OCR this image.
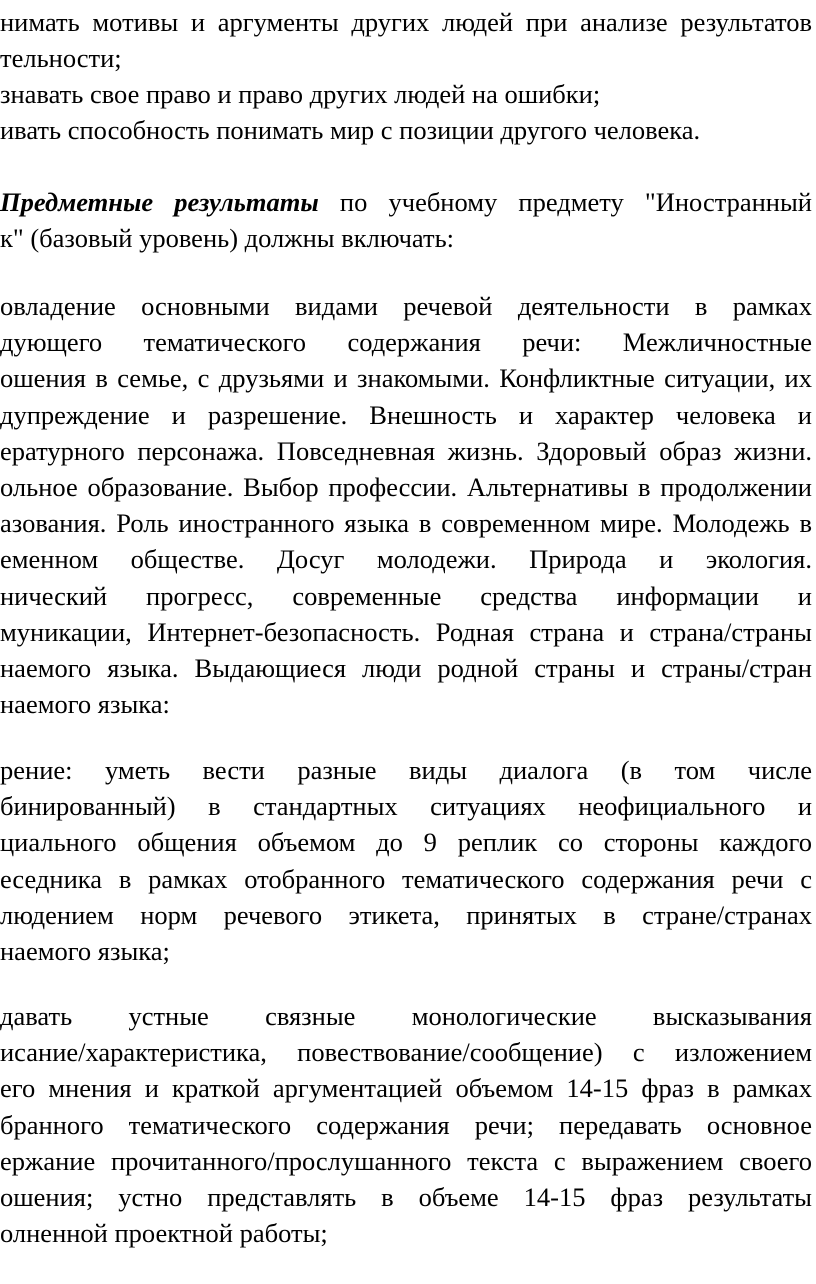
нимать мотивы и аргументы других людей при анализе результатов
тельности;
знавать свое право и право других людей на ошибки;
ивать способность понимать мир с позиции другого человека.
Предметные результаты по учебному предмету "Иностранный
к" (базовый уровень) должны включать:
овладение основными видами речевой деятельности в рамках
дующего тематического содержания речи: Межличностные
ошения в семье, с друзьями и знакомыми. Конфликтные ситуации, их
дупреждение и разрешение. Внешность и характер человека и
ературного персонажа. Повседневная жизнь. Здоровый образ жизни.
ольное образование. Выбор профессии. Альтернативы в продолжении
азования. Роль иностранного языка в современном мире. Молодежь в
еменном обществе. Досуг молодежи. Природа и экология.
нический прогресс, современные средства информации и
муникации, Интернет-безопасность. Родная страна и страна/страны
наемого языка. Выдающиеся люди родной страны и страны/стран
наемого языка:
рение: уметь вести разные виды диалога (в том числе
бинированный) в стандартных ситуациях неофициального и
циального общения объемом до 9 реплик со стороны каждого
еседника в рамках отобранного тематического содержания речи с
людением норм речевого этикета, принятых в стране/странах
наемого языка;
давать устные связные монологические высказывания
исание/характеристика, повествование/сообщение) с изложением
его мнения и краткой аргументацией объемом 14-15 фраз в рамках
бранного тематического содержания речи; передавать основное
ержание прочитанного/прослушанного текста с выражением своего
ошения; устно представлять в объеме 14-15 фраз результаты
олненной проектной работы;
